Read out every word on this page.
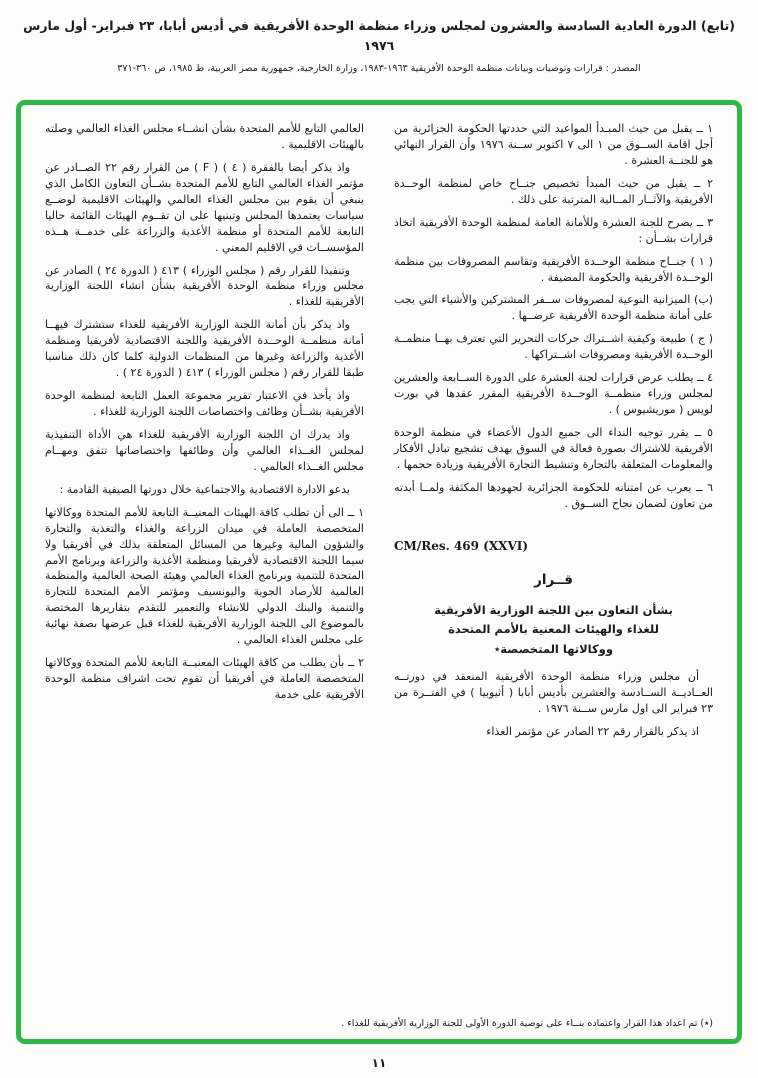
(تابع) الدورة العادية السادسة والعشرون لمجلس وزراء منظمة الوحدة الأفريقية في أديس أبابا، ٢٣ فبراير- أول مارس ١٩٧٦
المصدر : قرارات وتوصيات وبيانات منظمة الوحدة الأفريقية ١٩٦٣-١٩٨٣، وزارة الخارجية، جمهورية مصر العربية، ط ١٩٨٥، ص ٣٦٠-٣٧١

١ ــ يقبل من حيث المبـدأ المواعيد التي حددتها الحكومة الجزائرية من أجل اقامة الســوق من ١ الى ٧ اكتوبر ســنة ١٩٧٦ وأن القرار النهائي هو للجنــة العشرة .

٢ ــ يقبل من حيث المبدأ تخصيص جنــاح خاص لمنظمة الوحــدة الأفريقية والآثــار المــالية المترتبة على ذلك .

٣ ــ يصرح للجنة العشرة وللأمانة العامة لمنظمة الوحدة الأفريقية اتخاذ قرارات بشــأن :

( ١ ) جنــاح منظمة الوحــدة الأفريقية وتقاسم المصروفات بين منظمة الوحــدة الأفريقية والحكومة المضيفة .

(ب) الميزانية النوعية لمصروفات ســفر المشتركين والأشياء التي يجب على أمانة منظمة الوحدة الأفريقية عرضــها .

( ج ) طبيعة وكيفية اشــتراك حركات التحرير التي تعترف بهــا منظمــة الوحــدة الأفريقية ومصروفات اشــتراكها .

٤ ــ يطلب عرض قرارات لجنة العشرة على الدورة الســابعة والعشرين لمجلس وزراء منظمــة الوحــدة الأفريقية المقرر عقدها في بورت لويس ( موريشيوس ) .

٥ ــ يقرر توجيه النداء الى جميع الدول الأعضاء في منظمة الوحدة الأفريقية للاشتراك بصورة فعالة في السوق بهدف تشجيع تبادل الأفكار والمعلومات المتعلقة بالتجارة وتنشيط التجارة الأفريقية وزيادة حجمها .

٦ ــ يعرب عن امتنانه للحكومة الجزائرية لجهودها المكثفة ولمــا أبدته من تعاون لضمان نجاح الســوق .

CM/Res. 469 (XXVI)
قــرار
بشأن التعاون بين اللجنة الوزارية الأفريقية
للغذاء والهيئات المعنية بالأمم المتحدة
ووكالاتها المتخصصة٭

أن مجلس وزراء منظمة الوحدة الأفريقية المنعقد في دورتــه العــاديــة الســادسة والعشرين بأديس أبابا ( أثيوبيا ) في الفتــرة من ٢٣ فبراير الى اول مارس ســنة ١٩٧٦ .

اذ يذكر بالقرار رقم ٢٢ الصادر عن مؤتمر الغذاء

العالمي التابع للأمم المتحدة بشأن انشــاء مجلس الغذاء العالمي وصلته بالهيئات الاقليمية .

واذ يذكر أيضا بالفقرة ( ٤ ) ( F ) من القرار رقم ٢٢ الصــادر عن مؤتمر الغذاء العالمي التابع للأمم المتحدة بشــأن التعاون الكامل الذي ينبغي أن يقوم بين مجلس الغذاء العالمي والهيئات الاقليمية لوضــع سياسات يعتمدها المجلس وتبنيها على ان تقــوم الهيئات القائمة حاليا التابعة للأمم المتحدة أو منظمة الأغذية والزراعة على خدمــة هــذه المؤسســات في الاقليم المعني .

وتنفيذا للقرار رقم ( مجلس الوزراء ) ٤١٣ ( الدورة ٢٤ ) الصادر عن مجلس وزراء منظمة الوحدة الأفريقية بشأن انشاء اللجنة الوزارية الأفريقية للغذاء .

واذ يذكر بأن أمانة اللجنة الوزارية الأفريقية للغذاء ستشترك فيهــا أمانة منظمــة الوحــدة الأفريقية واللجنة الاقتصادية لأفريقيا ومنظمة الأغذية والزراعة وغيرها من المنظمات الدولية كلما كان ذلك مناسبا طبقا للقرار رقم ( مجلس الوزراء ) ٤١٣ ( الدورة ٢٤ ) .

واذ يأخذ في الاعتبار تقرير مجموعة العمل التابعة لمنظمة الوحدة الأفريقية بشــأن وظائف واختصاصات اللجنة الوزارية للغذاء .

واذ يدرك ان اللجنة الوزارية الأفريقية للغذاء هي الأداة التنفيذية لمجلس الغــذاء العالمي وأن وظائفها واختصاصاتها تتفق ومهــام مجلس الغــذاء العالمي .

يدعو الادارة الاقتصادية والاجتماعية خلال دورتها الصيفية القادمة :

١ ــ الى أن تطلب كافة الهيئات المعنيــة التابعة للأمم المتحدة ووكالاتها المتخصصة العاملة في ميدان الزراعة والغذاء والتغذية والتجارة والشؤون المالية وغيرها من المسائل المتعلقة بذلك في أفريقيا ولا سيما اللجنة الاقتصادية لأفريقيا ومنظمة الأغذية والزراعة وبرنامج الأمم المتحدة للتنمية وبرنامج الغذاء العالمي وهيئة الصحة العالمية والمنظمة العالمية للأرصاد الجوية واليونسيف ومؤتمر الأمم المتحدة للتجارة والتنمية والبنك الدولي للانشاء والتعمير للتقدم بتقاريرها المختصة بالموضوع الى اللجنة الوزارية الأفريقية للغذاء قبل عرضها بصفة نهائية على مجلس الغذاء العالمي .

٢ ــ بأن يطلب من كافة الهيئات المعنيــة التابعة للأمم المتحدة ووكالاتها المتخصصة العاملة في أفريقيا أن تقوم تحت اشراف منظمة الوحدة الأفريقية على خدمة

(٭) تم اعداد هذا القرار واعتماده بنــاء على توصية الدورة الأولى للجنة الوزارية الأفريقية للغذاء .
١١
